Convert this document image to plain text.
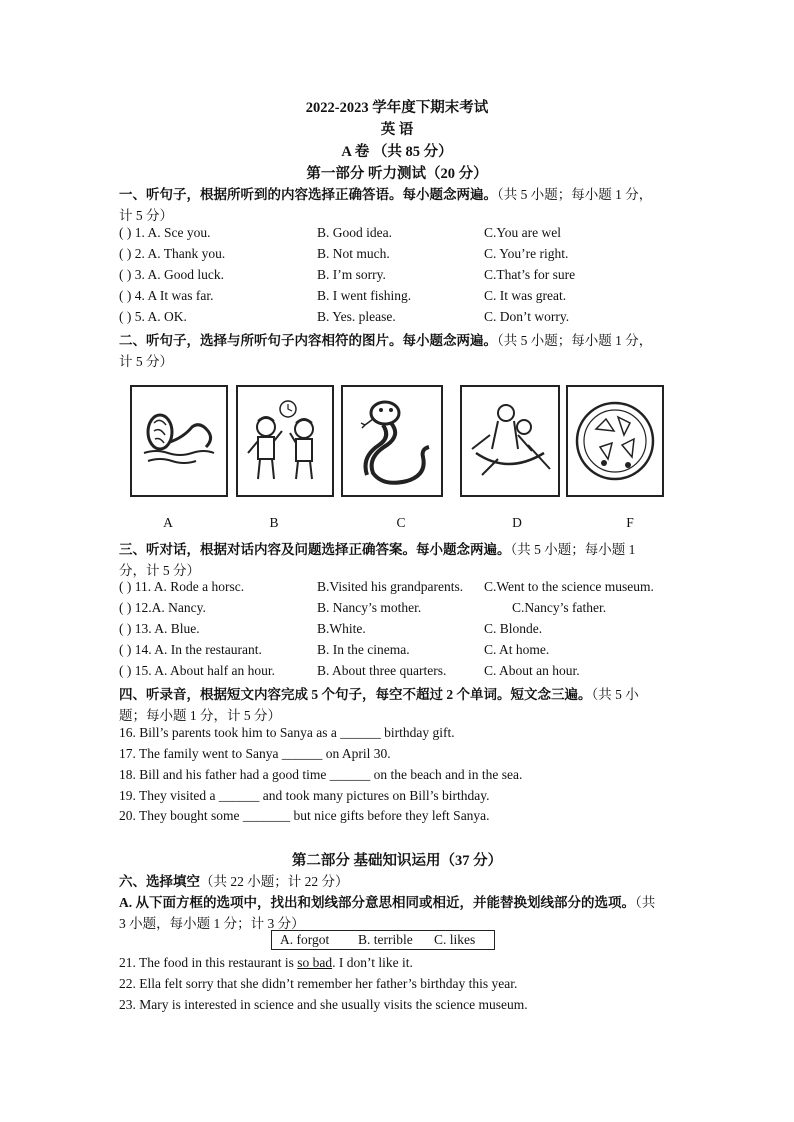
2022-2023 学年度下期末考试
英 语
A 卷 （共 85 分）
第一部分 听力测试（20 分）
一、听句子，根据所听到的内容选择正确答语。每小题念两遍。（共 5 小题；每小题 1 分，
计 5 分）
( ) 1. A. Sce you.	B. Good idea.	C.You are wel
( ) 2. A. Thank you.	B. Not much.	C. You’re right.
( ) 3. A. Good luck.	B. I’m sorry.	C.That’s for sure
( ) 4. A It was far.	B. I went fishing.	C. It was great.
( ) 5. A. OK.	B. Yes. please.	C. Don’t worry.
二、听句子，选择与所听句子内容相符的图片。每小题念两遍。（共 5 小题；每小题 1 分，
计 5 分）
A	B	C	D	F
三、听对话，根据对话内容及问题选择正确答案。每小题念两遍。（共 5 小题；每小题 1
分，计 5 分）
( ) 11. A. Rode a horsc.	B.Visited his grandparents. C.Went to the science museum.
( ) 12.A. Nancy.	B. Nancy’s mother.	C.Nancy’s father.
( ) 13. A. Blue.	B.White.	C. Blonde.
( ) 14. A. In the restaurant.	B. In the cinema.	C. At home.
( ) 15. A. About half an hour.	B. About three quarters.	C. About an hour.
四、听录音，根据短文内容完成 5 个句子，每空不超过 2 个单词。短文念三遍。（共 5 小
题；每小题 1 分，计 5 分）
16. Bill’s parents took him to Sanya as a ______ birthday gift.
17. The family went to Sanya ______ on April 30.
18. Bill and his father had a good time ______ on the beach and in the sea.
19. They visited a ______ and took many pictures on Bill’s birthday.
20. They bought some _______ but nice gifts before they left Sanya.
第二部分 基础知识运用（37 分）
六、选择填空（共 22 小题；计 22 分）
A. 从下面方框的选项中，找出和划线部分意思相同或相近，并能替换划线部分的选项。（共
3 小题，每小题 1 分；计 3 分）
A. forgot B. terrible C. likes
21. The food in this restaurant is so bad. I don’t like it.
22. Ella felt sorry that she didn’t remember her father’s birthday this year.
23. Mary is interested in science and she usually visits the science museum.
